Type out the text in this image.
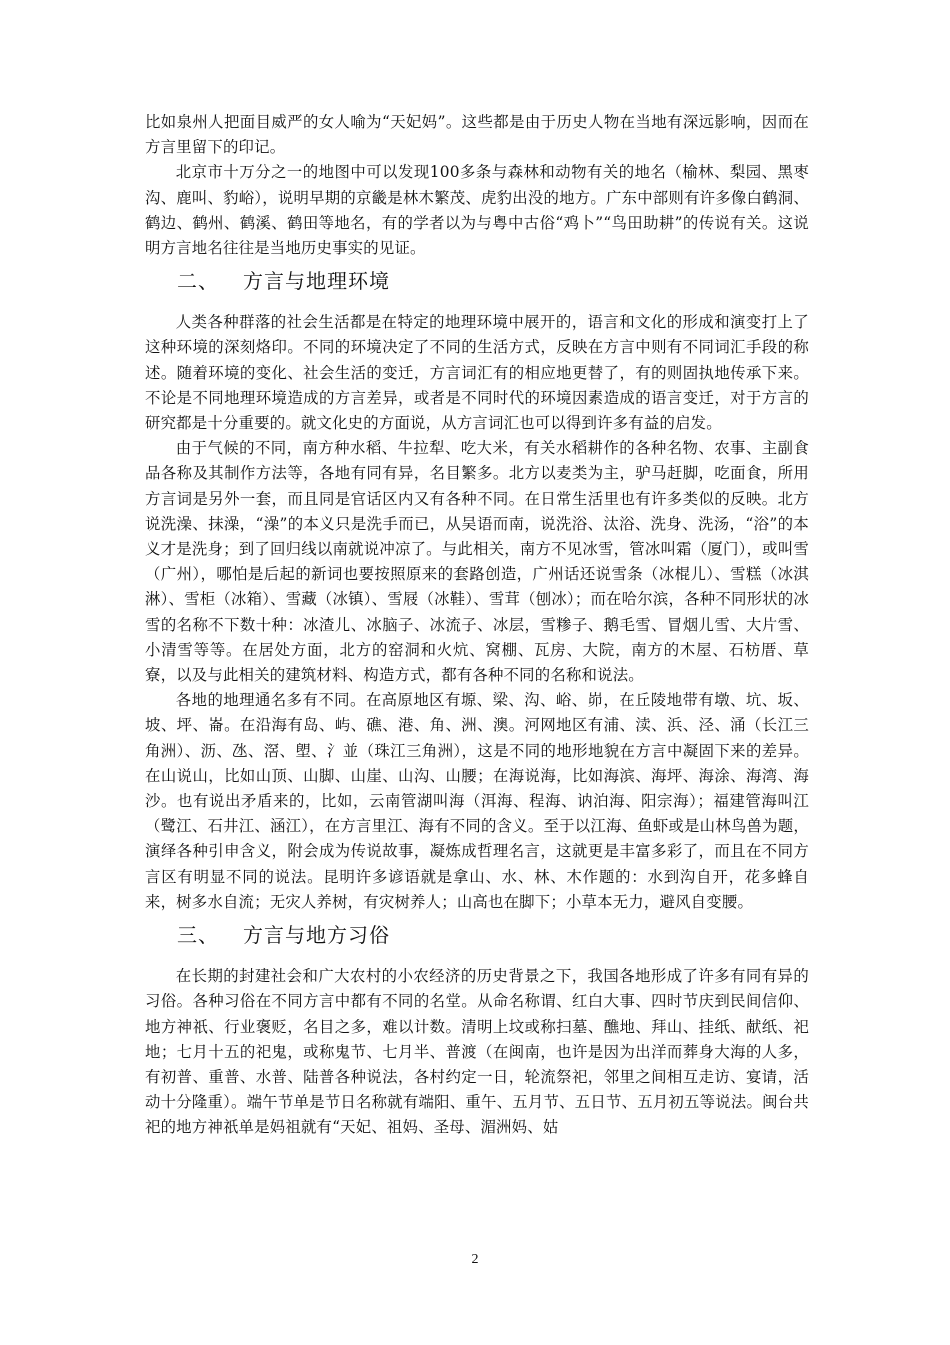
比如泉州人把面目威严的女人喻为“天妃妈”。这些都是由于历史人物在当地有深远影响，因而在方言里留下的印记。

北京市十万分之一的地图中可以发现100多条与森林和动物有关的地名（榆林、梨园、黑枣沟、鹿叫、豹峪），说明早期的京畿是林木繁茂、虎豹出没的地方。广东中部则有许多像白鹤洞、鹤边、鹤州、鹤溪、鹤田等地名，有的学者以为与粤中古俗“鸡卜”“鸟田助耕”的传说有关。这说明方言地名往往是当地历史事实的见证。

二、 方言与地理环境

人类各种群落的社会生活都是在特定的地理环境中展开的，语言和文化的形成和演变打上了这种环境的深刻烙印。不同的环境决定了不同的生活方式，反映在方言中则有不同词汇手段的称述。随着环境的变化、社会生活的变迁，方言词汇有的相应地更替了，有的则固执地传承下来。不论是不同地理环境造成的方言差异，或者是不同时代的环境因素造成的语言变迁，对于方言的研究都是十分重要的。就文化史的方面说，从方言词汇也可以得到许多有益的启发。

由于气候的不同，南方种水稻、牛拉犁、吃大米，有关水稻耕作的各种名物、农事、主副食品各称及其制作方法等，各地有同有异，名目繁多。北方以麦类为主，驴马赶脚，吃面食，所用方言词是另外一套，而且同是官话区内又有各种不同。在日常生活里也有许多类似的反映。北方说洗澡、抹澡，“澡”的本义只是洗手而已，从吴语而南，说洗浴、汰浴、洗身、洗汤，“浴”的本义才是洗身；到了回归线以南就说冲凉了。与此相关，南方不见冰雪，管冰叫霜（厦门），或叫雪（广州），哪怕是后起的新词也要按照原来的套路创造，广州话还说雪条（冰棍儿）、雪糕（冰淇淋）、雪柜（冰箱）、雪藏（冰镇）、雪屐（冰鞋）、雪茸（刨冰）；而在哈尔滨，各种不同形状的冰雪的名称不下数十种：冰渣儿、冰脑子、冰流子、冰层，雪糁子、鹅毛雪、冒烟儿雪、大片雪、小清雪等等。在居处方面，北方的窑洞和火炕、窝棚、瓦房、大院，南方的木屋、石枋厝、草寮，以及与此相关的建筑材料、构造方式，都有各种不同的名称和说法。

各地的地理通名多有不同。在高原地区有塬、梁、沟、峪、峁，在丘陵地带有墩、坑、坂、坡、坪、崙。在沿海有岛、屿、礁、港、角、洲、澳。河网地区有浦、渎、浜、泾、涌（长江三角洲）、沥、氹、滘、塱、氵並（珠江三角洲），这是不同的地形地貌在方言中凝固下来的差异。在山说山，比如山顶、山脚、山崖、山沟、山腰；在海说海，比如海滨、海坪、海涂、海湾、海沙。也有说出矛盾来的，比如，云南管湖叫海（洱海、程海、讷泊海、阳宗海）；福建管海叫江（鹭江、石井江、涵江），在方言里江、海有不同的含义。至于以江海、鱼虾或是山林鸟兽为题，演绎各种引申含义，附会成为传说故事，凝炼成哲理名言，这就更是丰富多彩了，而且在不同方言区有明显不同的说法。昆明许多谚语就是拿山、水、林、木作题的：水到沟自开，花多蜂自来，树多水自流；无灾人养树，有灾树养人；山高也在脚下；小草本无力，避风自变腰。

三、 方言与地方习俗

在长期的封建社会和广大农村的小农经济的历史背景之下，我国各地形成了许多有同有异的习俗。各种习俗在不同方言中都有不同的名堂。从命名称谓、红白大事、四时节庆到民间信仰、地方神祇、行业褒贬，名目之多，难以计数。清明上坟或称扫墓、醮地、拜山、挂纸、献纸、祀地；七月十五的祀鬼，或称鬼节、七月半、普渡（在闽南，也许是因为出洋而葬身大海的人多，有初普、重普、水普、陆普各种说法，各村约定一日，轮流祭祀，邻里之间相互走访、宴请，活动十分隆重）。端午节单是节日名称就有端阳、重午、五月节、五日节、五月初五等说法。闽台共祀的地方神祇单是妈祖就有“天妃、祖妈、圣母、湄洲妈、姑

2
